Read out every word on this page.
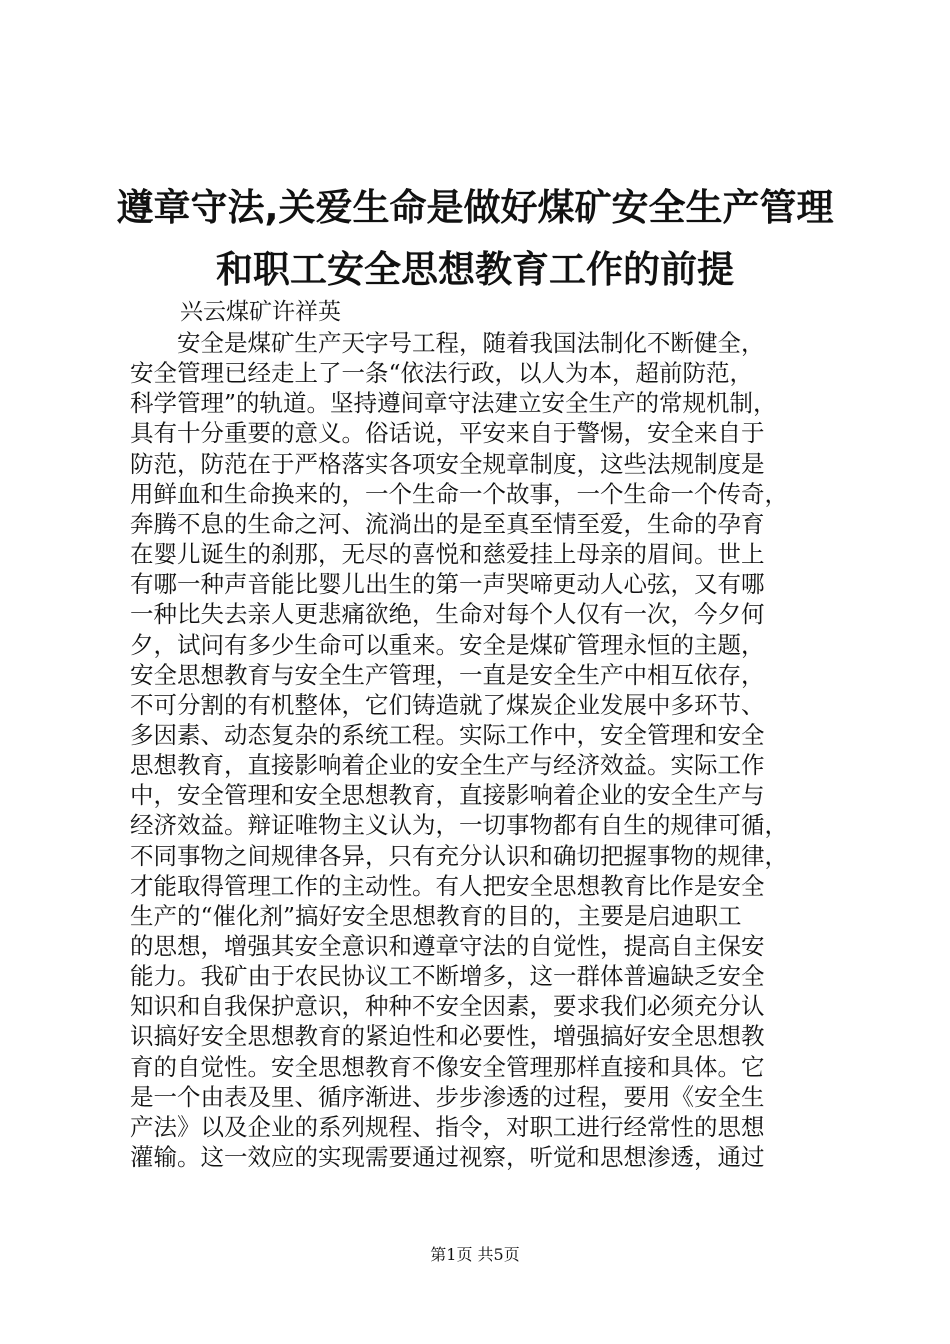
遵章守法,关爱生命是做好煤矿安全生产管理
和职工安全思想教育工作的前提
兴云煤矿许祥英
　　安全是煤矿生产天字号工程，随着我国法制化不断健全，
安全管理已经走上了一条“依法行政，以人为本，超前防范，
科学管理”的轨道。坚持遵间章守法建立安全生产的常规机制，
具有十分重要的意义。俗话说，平安来自于警惕，安全来自于
防范，防范在于严格落实各项安全规章制度，这些法规制度是
用鲜血和生命换来的，一个生命一个故事，一个生命一个传奇，
奔腾不息的生命之河、流淌出的是至真至情至爱，生命的孕育
在婴儿诞生的刹那，无尽的喜悦和慈爱挂上母亲的眉间。世上
有哪一种声音能比婴儿出生的第一声哭啼更动人心弦，又有哪
一种比失去亲人更悲痛欲绝，生命对每个人仅有一次，今夕何
夕，试问有多少生命可以重来。安全是煤矿管理永恒的主题，
安全思想教育与安全生产管理，一直是安全生产中相互依存，
不可分割的有机整体，它们铸造就了煤炭企业发展中多环节、
多因素、动态复杂的系统工程。实际工作中，安全管理和安全
思想教育，直接影响着企业的安全生产与经济效益。实际工作
中，安全管理和安全思想教育，直接影响着企业的安全生产与
经济效益。辩证唯物主义认为，一切事物都有自生的规律可循，
不同事物之间规律各异，只有充分认识和确切把握事物的规律，
才能取得管理工作的主动性。有人把安全思想教育比作是安全
生产的“催化剂”搞好安全思想教育的目的，主要是启迪职工
的思想，增强其安全意识和遵章守法的自觉性，提高自主保安
能力。我矿由于农民协议工不断增多，这一群体普遍缺乏安全
知识和自我保护意识，种种不安全因素，要求我们必须充分认
识搞好安全思想教育的紧迫性和必要性，增强搞好安全思想教
育的自觉性。安全思想教育不像安全管理那样直接和具体。它
是一个由表及里、循序渐进、步步渗透的过程，要用《安全生
产法》以及企业的系列规程、指令，对职工进行经常性的思想
灌输。这一效应的实现需要通过视察，听觉和思想渗透，通过
第1页 共5页
